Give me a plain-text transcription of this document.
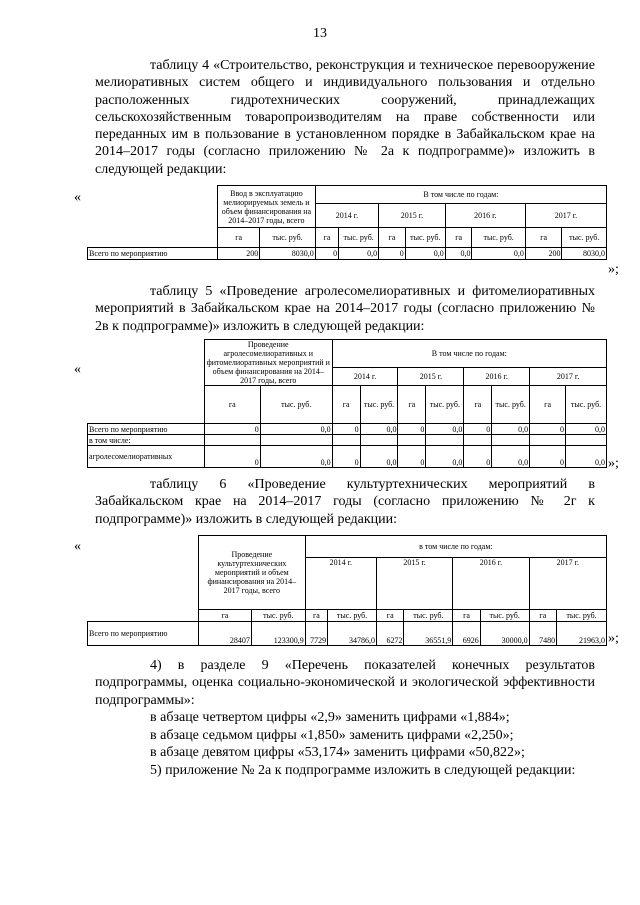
13

таблицу 4 «Строительство, реконструкция и техническое перевооружение мелиоративных систем общего и индивидуального пользования и отдельно расположенных гидротехнических сооружений, принадлежащих сельскохозяйственным товаропроизводителям на праве собственности или переданных им в пользование в установленном порядке в Забайкальском крае на 2014–2017 годы (согласно приложению № 2а к подпрограмме)» изложить в следующей редакции:

«
		Ввод в эксплуатацию мелиорируемых земель и объем финансирования на 2014–2017 годы, всего		В том числе по годам:							
			2014 г.		2015 г.		2016 г.		2017 г.	
	га	тыс. руб.	га	тыс. руб.	га	тыс. руб.	га	тыс. руб.	га	тыс. руб.
Всего по мероприятию	200	8030,0	0	0,0	0	0,0	0,0	0,0	200	8030,0
»;

таблицу 5 «Проведение агролесомелиоративных и фитомелиоративных мероприятий в Забайкальском крае на 2014–2017 годы (согласно приложению № 2в к подпрограмме)» изложить в следующей редакции:

«
	Проведение агролесомелиоративных и фитомелиоративных мероприятий и объем финансирования на 2014–2017 годы, всего		В том числе по годам:							
			2014 г.		2015 г.		2016 г.		2017 г.	
	га	тыс. руб.	га	тыс. руб.	га	тыс. руб.	га	тыс. руб.	га	тыс. руб.
Всего по мероприятию	0	0,0	0	0,0	0	0,0	0	0,0	0	0,0
в том числе:										
агролесомелиоративных	0	0,0	0	0,0	0	0,0	0	0,0	0	0,0 »;

таблицу 6 «Проведение культуртехнических мероприятий в Забайкальском крае на 2014–2017 годы (согласно приложению № 2г к подпрограмме)» изложить в следующей редакции:

«
	Проведение культуртехнических мероприятий и объем финансирования на 2014–2017 годы, всего		в том числе по годам:							
			2014 г.		2015 г.		2016 г.		2017 г.	
	га	тыс. руб.	га	тыс. руб.	га	тыс. руб.	га	тыс. руб.	га	тыс. руб.
Всего по мероприятию	28407	123300,9	7729	34786,0	6272	36551,9	6926	30000,0	7480	21963,0 »;

4) в разделе 9 «Перечень показателей конечных результатов подпрограммы, оценка социально-экономической и экологической эффективности подпрограммы»:

в абзаце четвертом цифры «2,9» заменить цифрами «1,884»;

в абзаце седьмом цифры «1,850» заменить цифрами «2,250»;

в абзаце девятом цифры «53,174» заменить цифрами «50,822»;

5) приложение № 2а к подпрограмме изложить в следующей редакции:
